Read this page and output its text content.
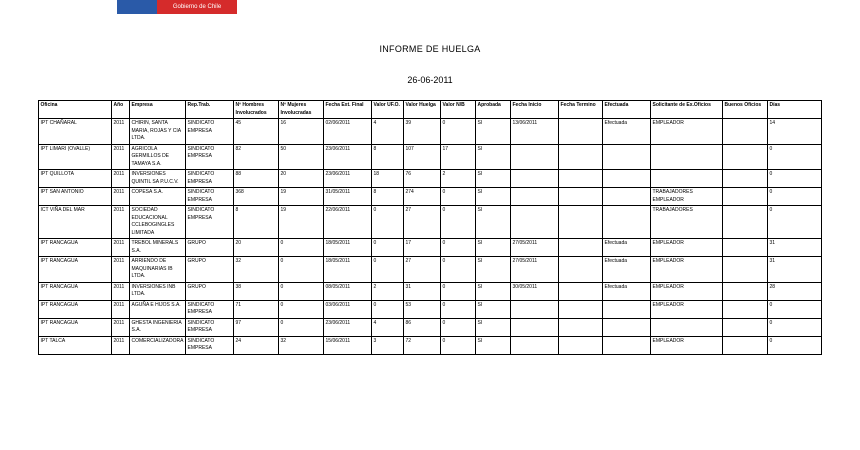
Gobierno de Chile
INFORME DE HUELGA
26-06-2011
Oficina	Año	Empresa	Rep.Trab.	Nº Hombres Involucrados	Nº Mujeres Involucradas	Fecha Ext. Final	Valor UF.O.	Valor Huelga	Valor N/B	Aprobada	Fecha Inicio	Fecha Termino	Efectuada	Solicitante de Ex.Oficios	Buenos Oficios	Días
IPT CHAÑARAL	2011	CHIRIN, SANTA MARIA, ROJAS Y CIA LTDA.	SINDICATO EMPRESA	45	16	02/06/2011	4	39	0	SI	13/06/2011		Efectuada	EMPLEADOR		14
IPT LIMARI (OVALLE)	2011	AGRICOLA GERMILLOS DE TAMAYA S.A.	SINDICATO EMPRESA	82	50	23/06/2011	8	107	17	SI						0
IPT QUILLOTA	2011	INVERSIONES QUINTIL SA P.U.C.V.	SINDICATO EMPRESA	88	20	23/06/2011	18	76	2	SI						0
IPT SAN ANTONIO	2011	COPESA S.A.	SINDICATO EMPRESA	368	19	31/05/2011	8	274	0	SI				TRABAJADORES EMPLEADOR		0
ICT VIÑA DEL MAR	2011	SOCIEDAD EDUCACIONAL CCLEBOGINGLES LIMITADA	SINDICATO EMPRESA	8	19	22/06/2011	0	27	0	SI				TRABAJADORES		0
IPT RANCAGUA	2011	TREBOL MINERALS S.A.	GRUPO	20	0	18/05/2011	0	17	0	SI	27/05/2011		Efectuada	EMPLEADOR		31
IPT RANCAGUA	2011	ARRIENDO DE MAQUINARIAS IB LTDA.	GRUPO	32	0	18/05/2011	0	27	0	SI	27/05/2011		Efectuada	EMPLEADOR		31
IPT RANCAGUA	2011	INVERSIONES INB LTDA.	GRUPO	38	0	08/05/2011	2	31	0	SI	30/05/2011		Efectuada	EMPLEADOR		28
IPT RANCAGUA	2011	AGUÑA E HIJOS S.A.	SINDICATO EMPRESA	71	0	03/06/2011	0	53	0	SI				EMPLEADOR		0
IPT RANCAGUA	2011	GHESTA INGENIERIA S.A.	SINDICATO EMPRESA	97	0	23/06/2011	4	86	0	SI						0
IPT TALCA	2011	COMERCIALIZADORA	SINDICATO EMPRESA	24	32	15/06/2011	3	72	0	SI				EMPLEADOR		0
